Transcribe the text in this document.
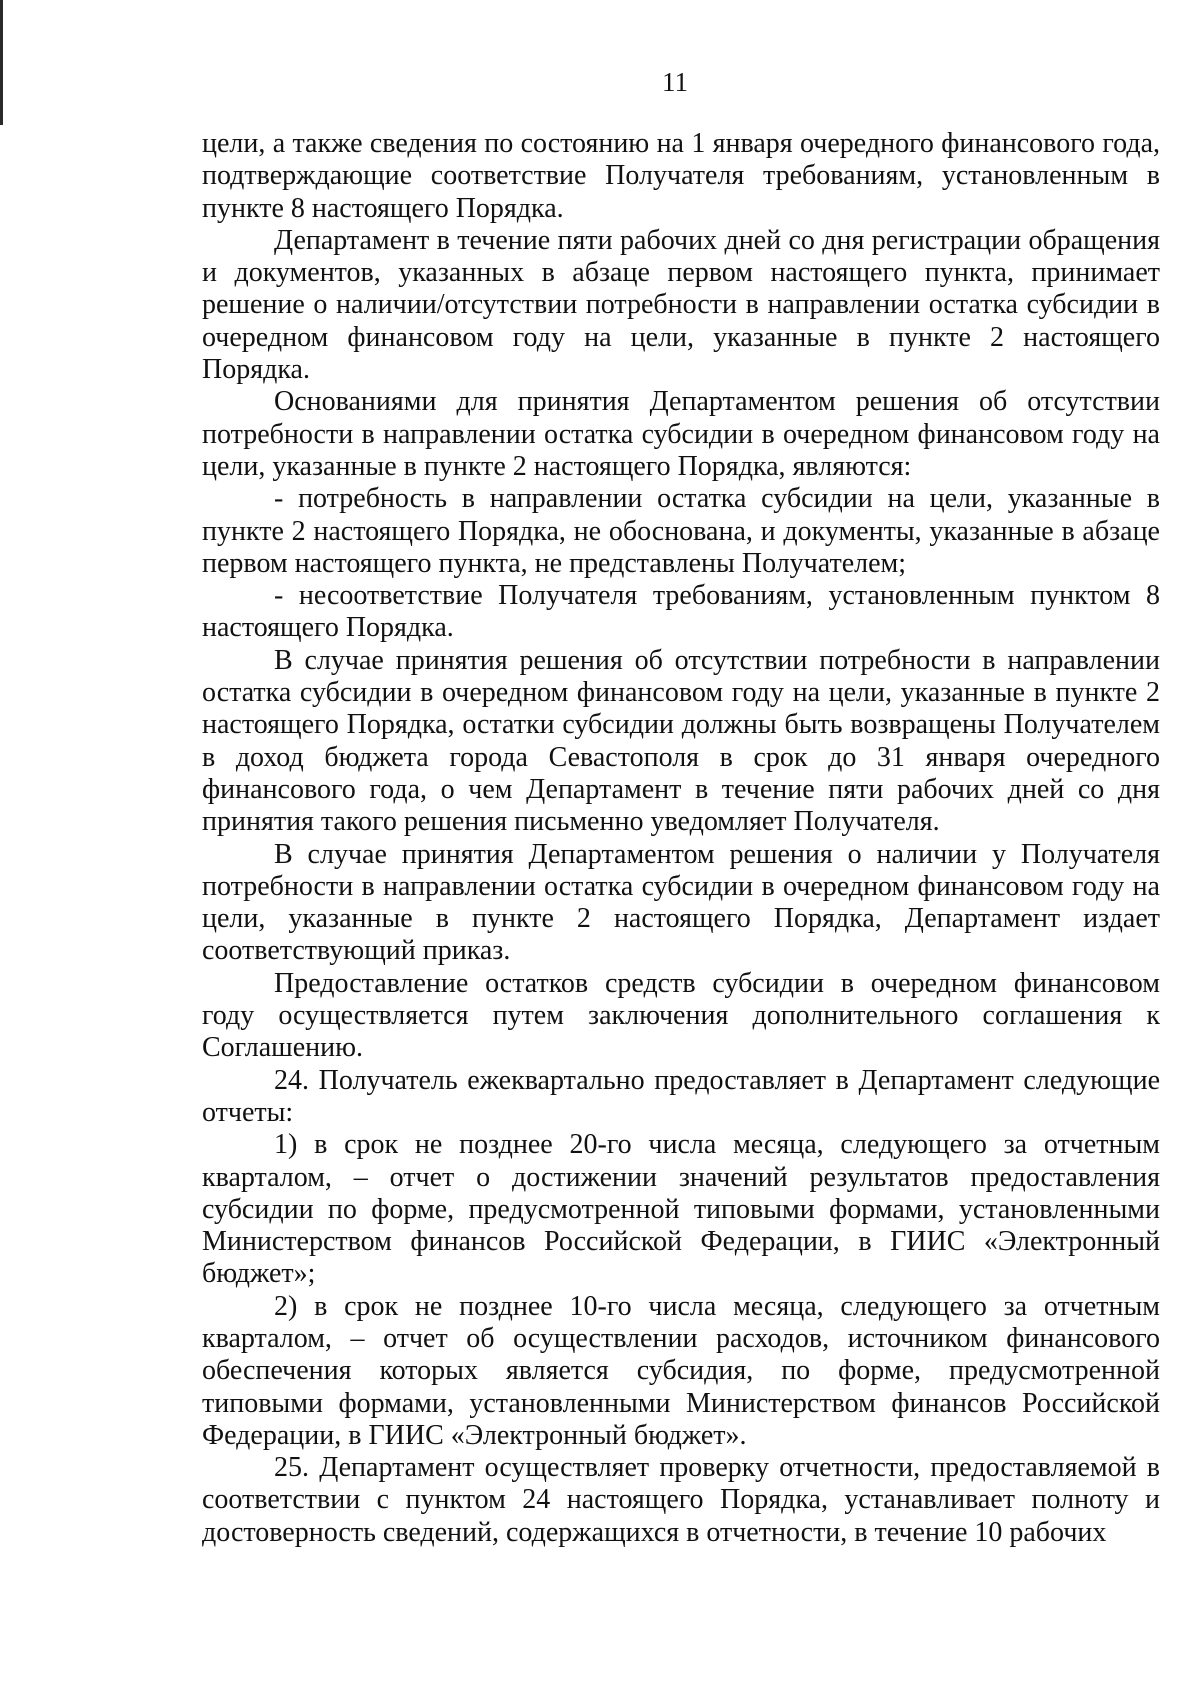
11

цели, а также сведения по состоянию на 1 января очередного финансового года, подтверждающие соответствие Получателя требованиям, установленным в пункте 8 настоящего Порядка.

Департамент в течение пяти рабочих дней со дня регистрации обращения и документов, указанных в абзаце первом настоящего пункта, принимает решение о наличии/отсутствии потребности в направлении остатка субсидии в очередном финансовом году на цели, указанные в пункте 2 настоящего Порядка.

Основаниями для принятия Департаментом решения об отсутствии потребности в направлении остатка субсидии в очередном финансовом году на цели, указанные в пункте 2 настоящего Порядка, являются:

- потребность в направлении остатка субсидии на цели, указанные в пункте 2 настоящего Порядка, не обоснована, и документы, указанные в абзаце первом настоящего пункта, не представлены Получателем;

- несоответствие Получателя требованиям, установленным пунктом 8 настоящего Порядка.

В случае принятия решения об отсутствии потребности в направлении остатка субсидии в очередном финансовом году на цели, указанные в пункте 2 настоящего Порядка, остатки субсидии должны быть возвращены Получателем в доход бюджета города Севастополя в срок до 31 января очередного финансового года, о чем Департамент в течение пяти рабочих дней со дня принятия такого решения письменно уведомляет Получателя.

В случае принятия Департаментом решения о наличии у Получателя потребности в направлении остатка субсидии в очередном финансовом году на цели, указанные в пункте 2 настоящего Порядка, Департамент издает соответствующий приказ.

Предоставление остатков средств субсидии в очередном финансовом году осуществляется путем заключения дополнительного соглашения к Соглашению.

24. Получатель ежеквартально предоставляет в Департамент следующие отчеты:

1) в срок не позднее 20-го числа месяца, следующего за отчетным кварталом, – отчет о достижении значений результатов предоставления субсидии по форме, предусмотренной типовыми формами, установленными Министерством финансов Российской Федерации, в ГИИС «Электронный бюджет»;

2) в срок не позднее 10-го числа месяца, следующего за отчетным кварталом, – отчет об осуществлении расходов, источником финансового обеспечения которых является субсидия, по форме, предусмотренной типовыми формами, установленными Министерством финансов Российской Федерации, в ГИИС «Электронный бюджет».

25. Департамент осуществляет проверку отчетности, предоставляемой в соответствии с пунктом 24 настоящего Порядка, устанавливает полноту и достоверность сведений, содержащихся в отчетности, в течение 10 рабочих
